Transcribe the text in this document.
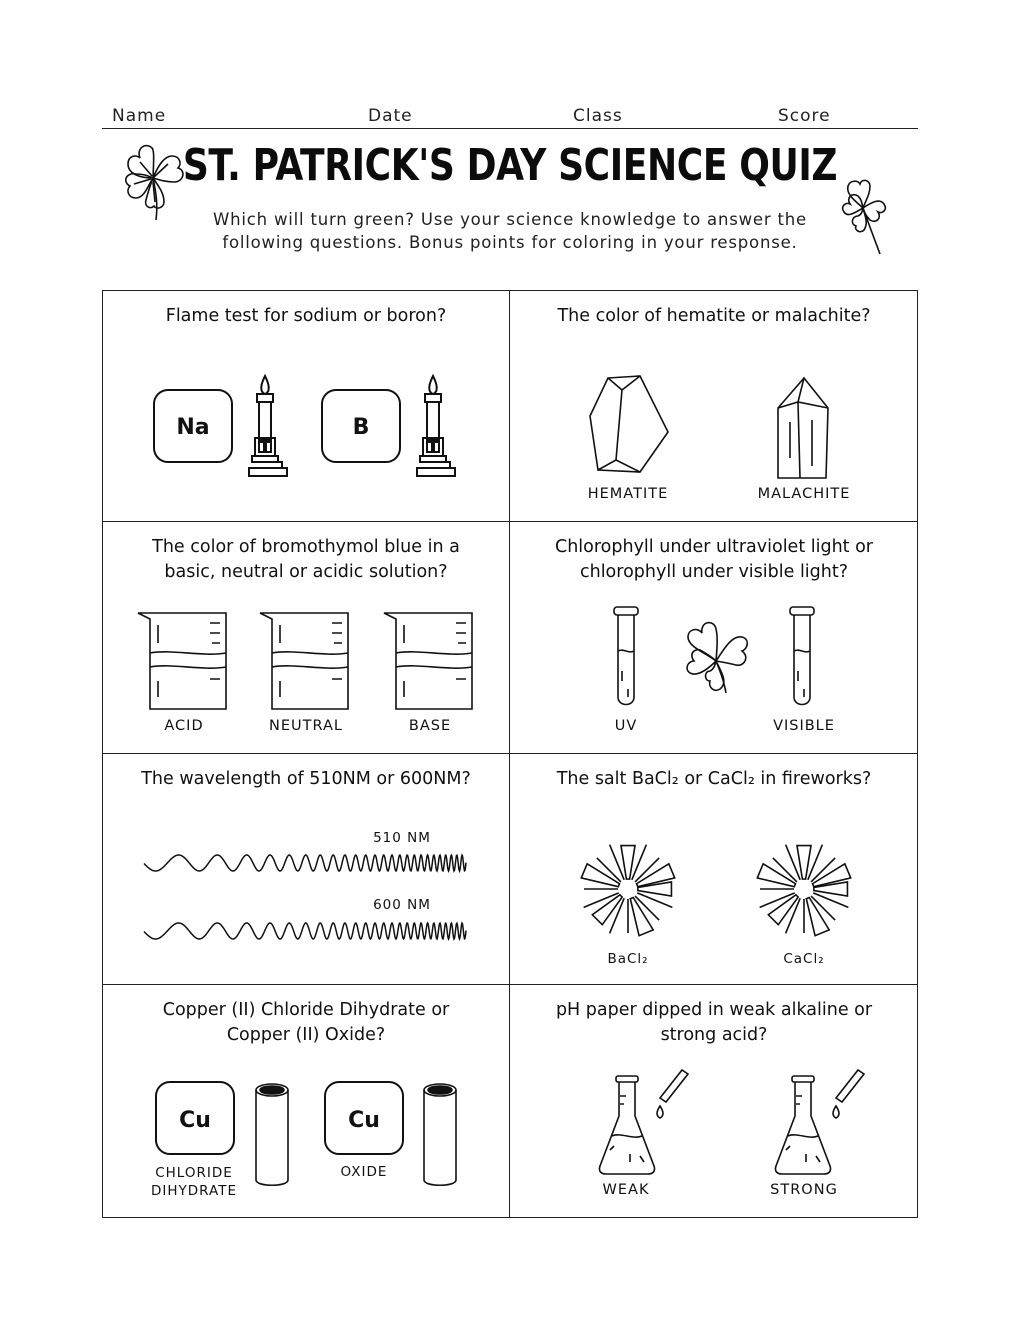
Name	Date	Class	Score
ST. PATRICK'S DAY SCIENCE QUIZ
Which will turn green? Use your science knowledge to answer the
following questions. Bonus points for coloring in your response.
Flame test for sodium or boron?
Na	B
The color of hematite or malachite?
HEMATITE	MALACHITE
The color of bromothymol blue in a
basic, neutral or acidic solution?
ACID	NEUTRAL	BASE
Chlorophyll under ultraviolet light or
chlorophyll under visible light?
UV	VISIBLE
The wavelength of 510NM or 600NM?
510 NM
600 NM
The salt BaCl₂ or CaCl₂ in fireworks?
BaCl₂	CaCl₂
Copper (II) Chloride Dihydrate or
Copper (II) Oxide?
Cu	Cu
CHLORIDE
DIHYDRATE
OXIDE
pH paper dipped in weak alkaline or
strong acid?
WEAK	STRONG
